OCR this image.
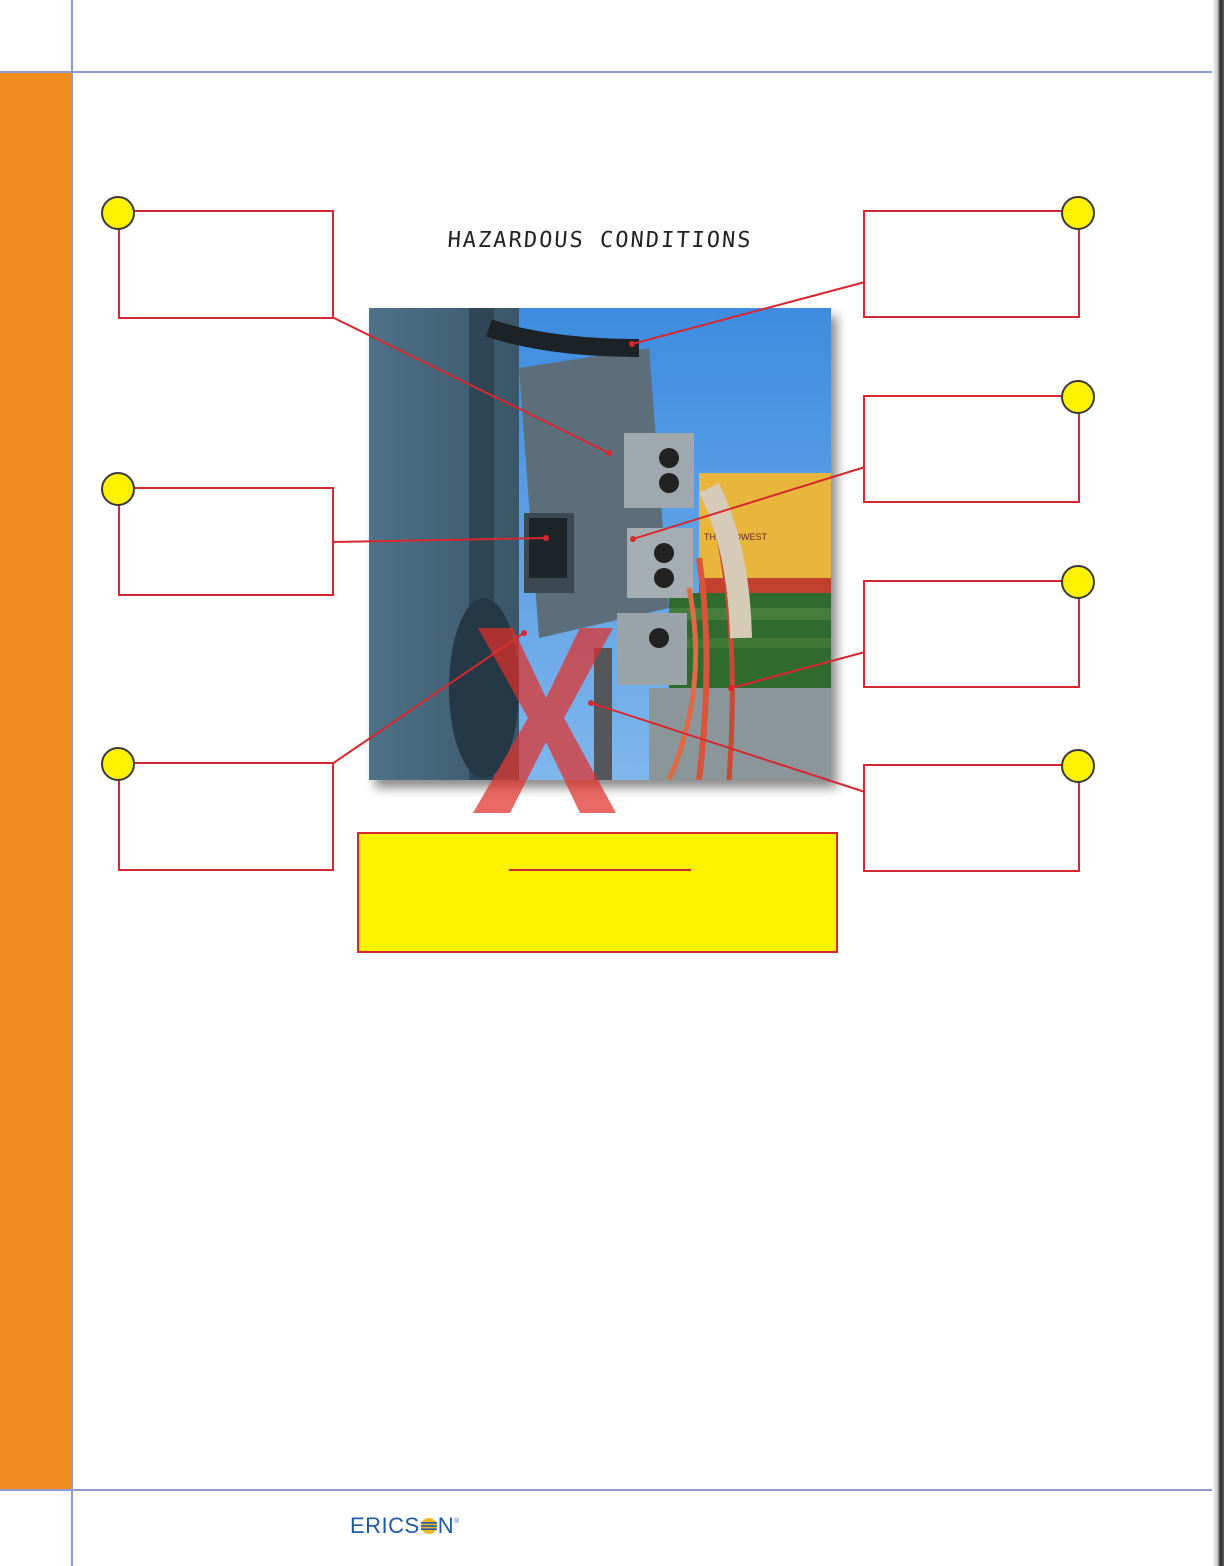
HAZARDOUS CONDITIONS
THE MIDWEST
ERICS N®
